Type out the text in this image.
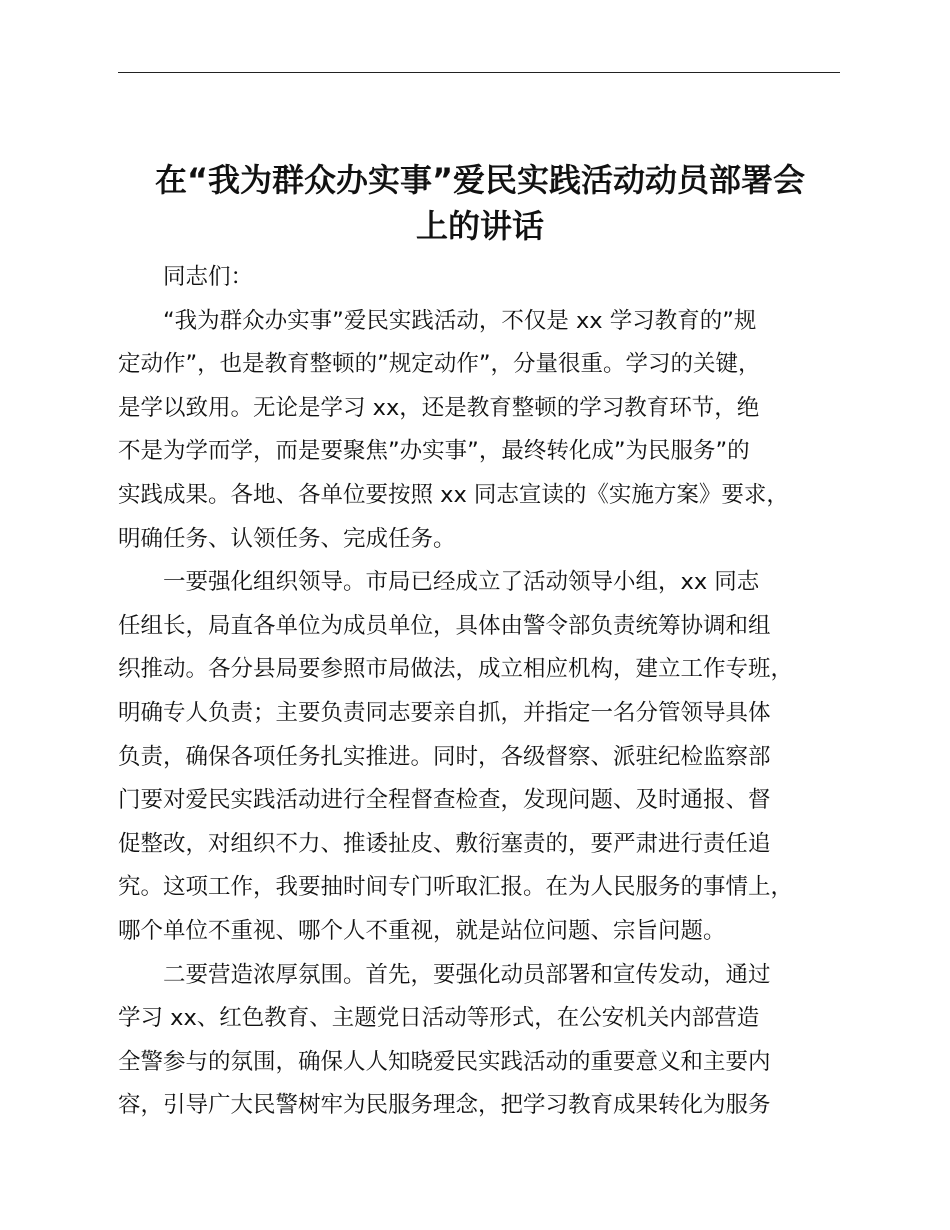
在“我为群众办实事”爱民实践活动动员部署会
上的讲话

同志们：

“我为群众办实事”爱民实践活动，不仅是 xx 学习教育的”规
定动作”，也是教育整顿的”规定动作”，分量很重。学习的关键，
是学以致用。无论是学习 xx，还是教育整顿的学习教育环节，绝
不是为学而学，而是要聚焦”办实事”，最终转化成”为民服务”的
实践成果。各地、各单位要按照 xx 同志宣读的《实施方案》要求，
明确任务、认领任务、完成任务。

一要强化组织领导。市局已经成立了活动领导小组，xx 同志
任组长，局直各单位为成员单位，具体由警令部负责统筹协调和组
织推动。各分县局要参照市局做法，成立相应机构，建立工作专班，
明确专人负责；主要负责同志要亲自抓，并指定一名分管领导具体
负责，确保各项任务扎实推进。同时，各级督察、派驻纪检监察部
门要对爱民实践活动进行全程督查检查，发现问题、及时通报、督
促整改，对组织不力、推诿扯皮、敷衍塞责的，要严肃进行责任追
究。这项工作，我要抽时间专门听取汇报。在为人民服务的事情上，
哪个单位不重视、哪个人不重视，就是站位问题、宗旨问题。

二要营造浓厚氛围。首先，要强化动员部署和宣传发动，通过
学习 xx、红色教育、主题党日活动等形式，在公安机关内部营造
全警参与的氛围，确保人人知晓爱民实践活动的重要意义和主要内
容，引导广大民警树牢为民服务理念，把学习教育成果转化为服务
